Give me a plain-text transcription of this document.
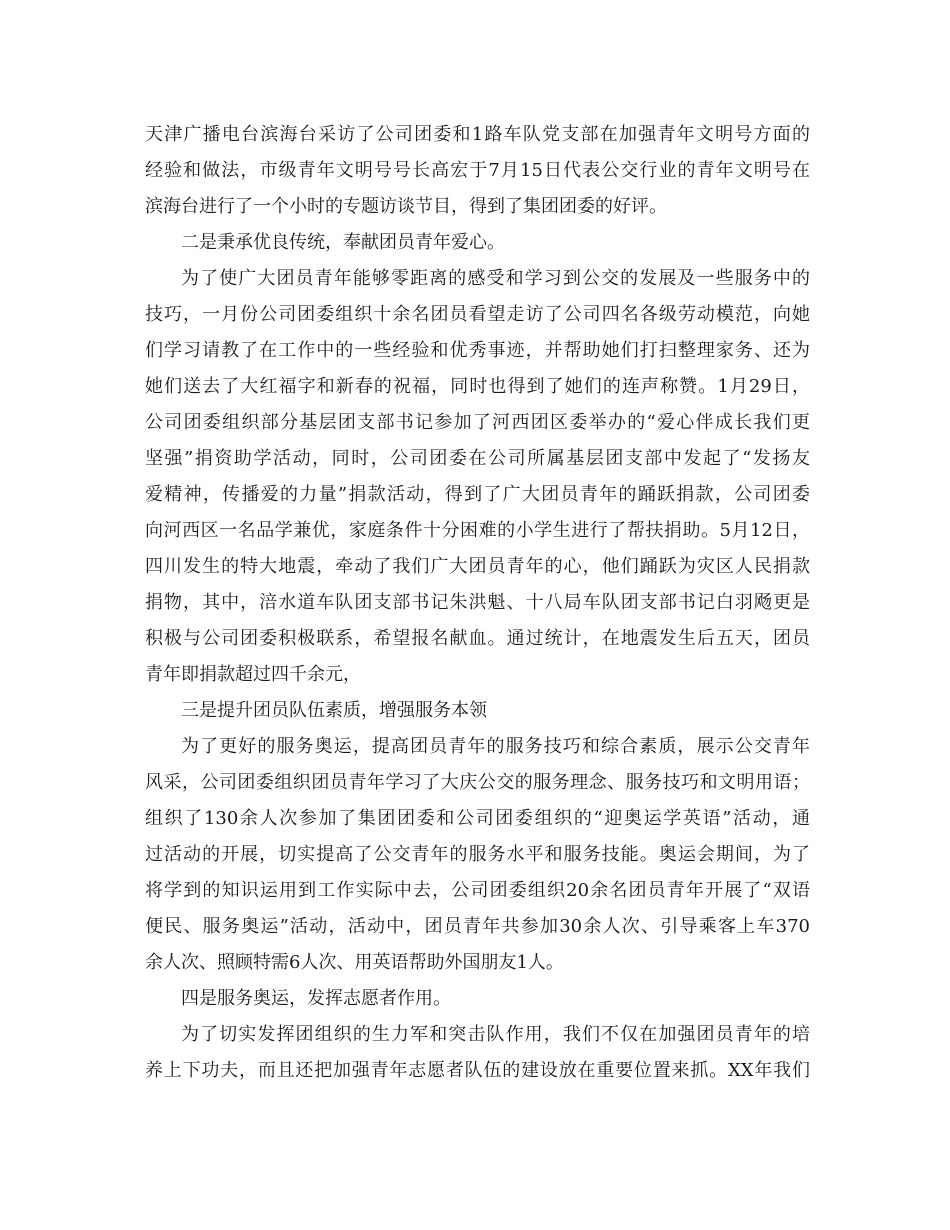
天津广播电台滨海台采访了公司团委和1路车队党支部在加强青年文明号方面的
经验和做法，市级青年文明号号长高宏于7月15日代表公交行业的青年文明号在
滨海台进行了一个小时的专题访谈节目，得到了集团团委的好评。
二是秉承优良传统，奉献团员青年爱心。
为了使广大团员青年能够零距离的感受和学习到公交的发展及一些服务中的
技巧，一月份公司团委组织十余名团员看望走访了公司四名各级劳动模范，向她
们学习请教了在工作中的一些经验和优秀事迹，并帮助她们打扫整理家务、还为
她们送去了大红福字和新春的祝福，同时也得到了她们的连声称赞。1月29日，
公司团委组织部分基层团支部书记参加了河西团区委举办的“爱心伴成长我们更
坚强”捐资助学活动，同时，公司团委在公司所属基层团支部中发起了“发扬友
爱精神，传播爱的力量”捐款活动，得到了广大团员青年的踊跃捐款，公司团委
向河西区一名品学兼优，家庭条件十分困难的小学生进行了帮扶捐助。5月12日，
四川发生的特大地震，牵动了我们广大团员青年的心，他们踊跃为灾区人民捐款
捐物，其中，涪水道车队团支部书记朱洪魁、十八局车队团支部书记白羽飏更是
积极与公司团委积极联系，希望报名献血。通过统计，在地震发生后五天，团员
青年即捐款超过四千余元，
三是提升团员队伍素质，增强服务本领
为了更好的服务奥运，提高团员青年的服务技巧和综合素质，展示公交青年
风采，公司团委组织团员青年学习了大庆公交的服务理念、服务技巧和文明用语；
组织了130余人次参加了集团团委和公司团委组织的“迎奥运学英语”活动，通
过活动的开展，切实提高了公交青年的服务水平和服务技能。奥运会期间，为了
将学到的知识运用到工作实际中去，公司团委组织20余名团员青年开展了“双语
便民、服务奥运”活动，活动中，团员青年共参加30余人次、引导乘客上车370
余人次、照顾特需6人次、用英语帮助外国朋友1人。
四是服务奥运，发挥志愿者作用。
为了切实发挥团组织的生力军和突击队作用，我们不仅在加强团员青年的培
养上下功夫，而且还把加强青年志愿者队伍的建设放在重要位置来抓。XX年我们
